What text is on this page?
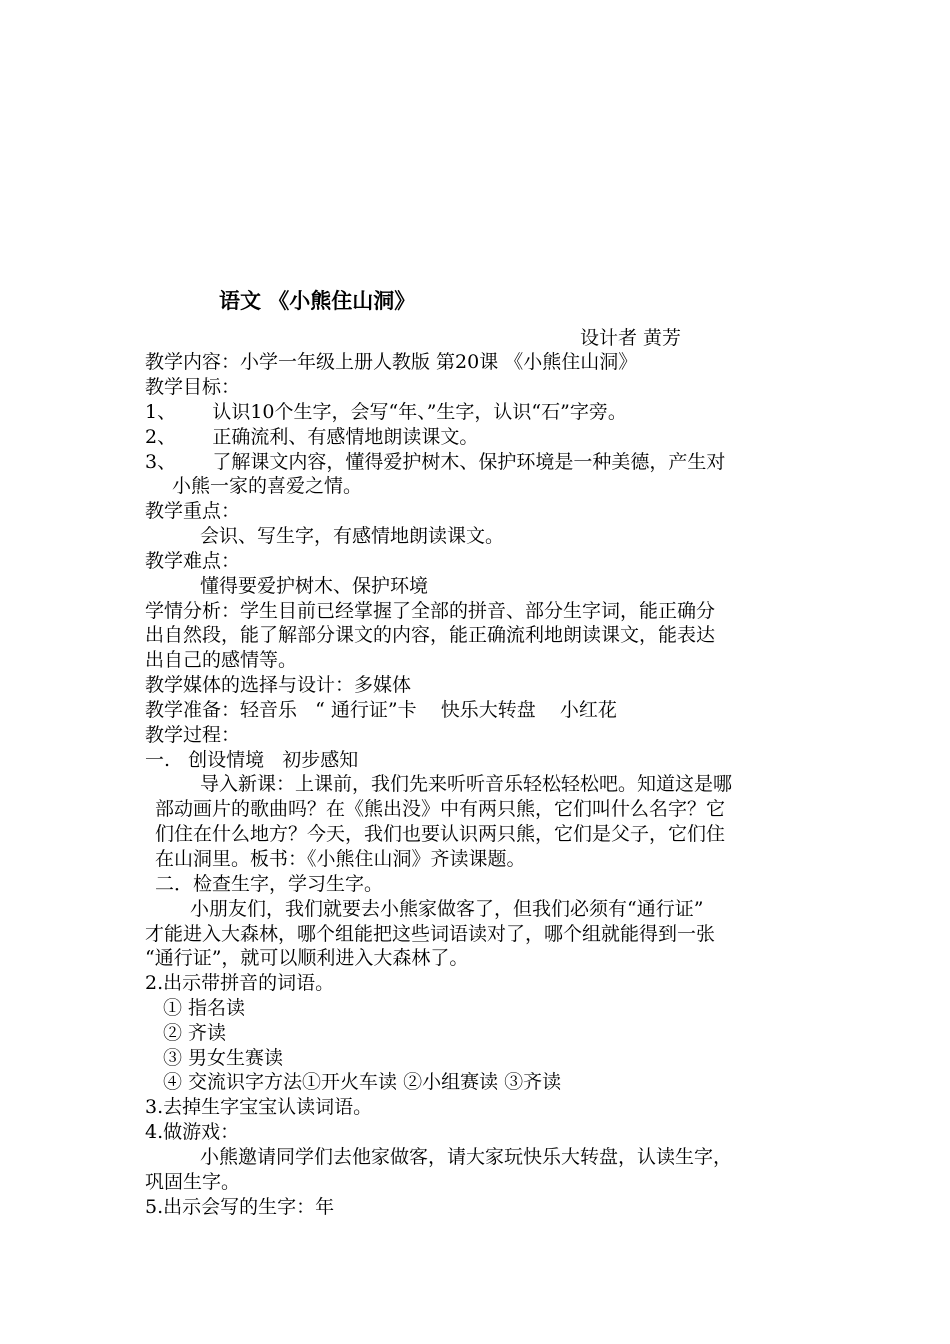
语文 《小熊住山洞》
设计者 黄芳
教学内容：小学一年级上册人教版 第20课 《小熊住山洞》
教学目标：
1、      认识10个生字，会写“年、”生字，认识“石”字旁。
2、      正确流利、有感情地朗读课文。
3、      了解课文内容，懂得爱护树木、保护环境是一种美德，产生对
小熊一家的喜爱之情。
教学重点：
会识、写生字，有感情地朗读课文。
教学难点：
懂得要爱护树木、保护环境
学情分析：学生目前已经掌握了全部的拼音、部分生字词，能正确分
出自然段，能了解部分课文的内容，能正确流利地朗读课文，能表达
出自己的感情等。
教学媒体的选择与设计：多媒体
教学准备：轻音乐   “ 通行证”卡    快乐大转盘    小红花
教学过程：
一.   创设情境   初步感知
导入新课：上课前，我们先来听听音乐轻松轻松吧。知道这是哪
部动画片的歌曲吗？在《熊出没》中有两只熊，它们叫什么名字？它
们住在什么地方？今天，我们也要认识两只熊，它们是父子，它们住
在山洞里。板书：《小熊住山洞》齐读课题。
二．检查生字，学习生字。
小朋友们，我们就要去小熊家做客了，但我们必须有“通行证”
才能进入大森林，哪个组能把这些词语读对了，哪个组就能得到一张
“通行证”，就可以顺利进入大森林了。
2.出示带拼音的词语。
① 指名读
② 齐读
③ 男女生赛读
④ 交流识字方法①开火车读 ②小组赛读 ③齐读
3.去掉生字宝宝认读词语。
4.做游戏：
小熊邀请同学们去他家做客，请大家玩快乐大转盘，认读生字，
巩固生字。
5.出示会写的生字：年
